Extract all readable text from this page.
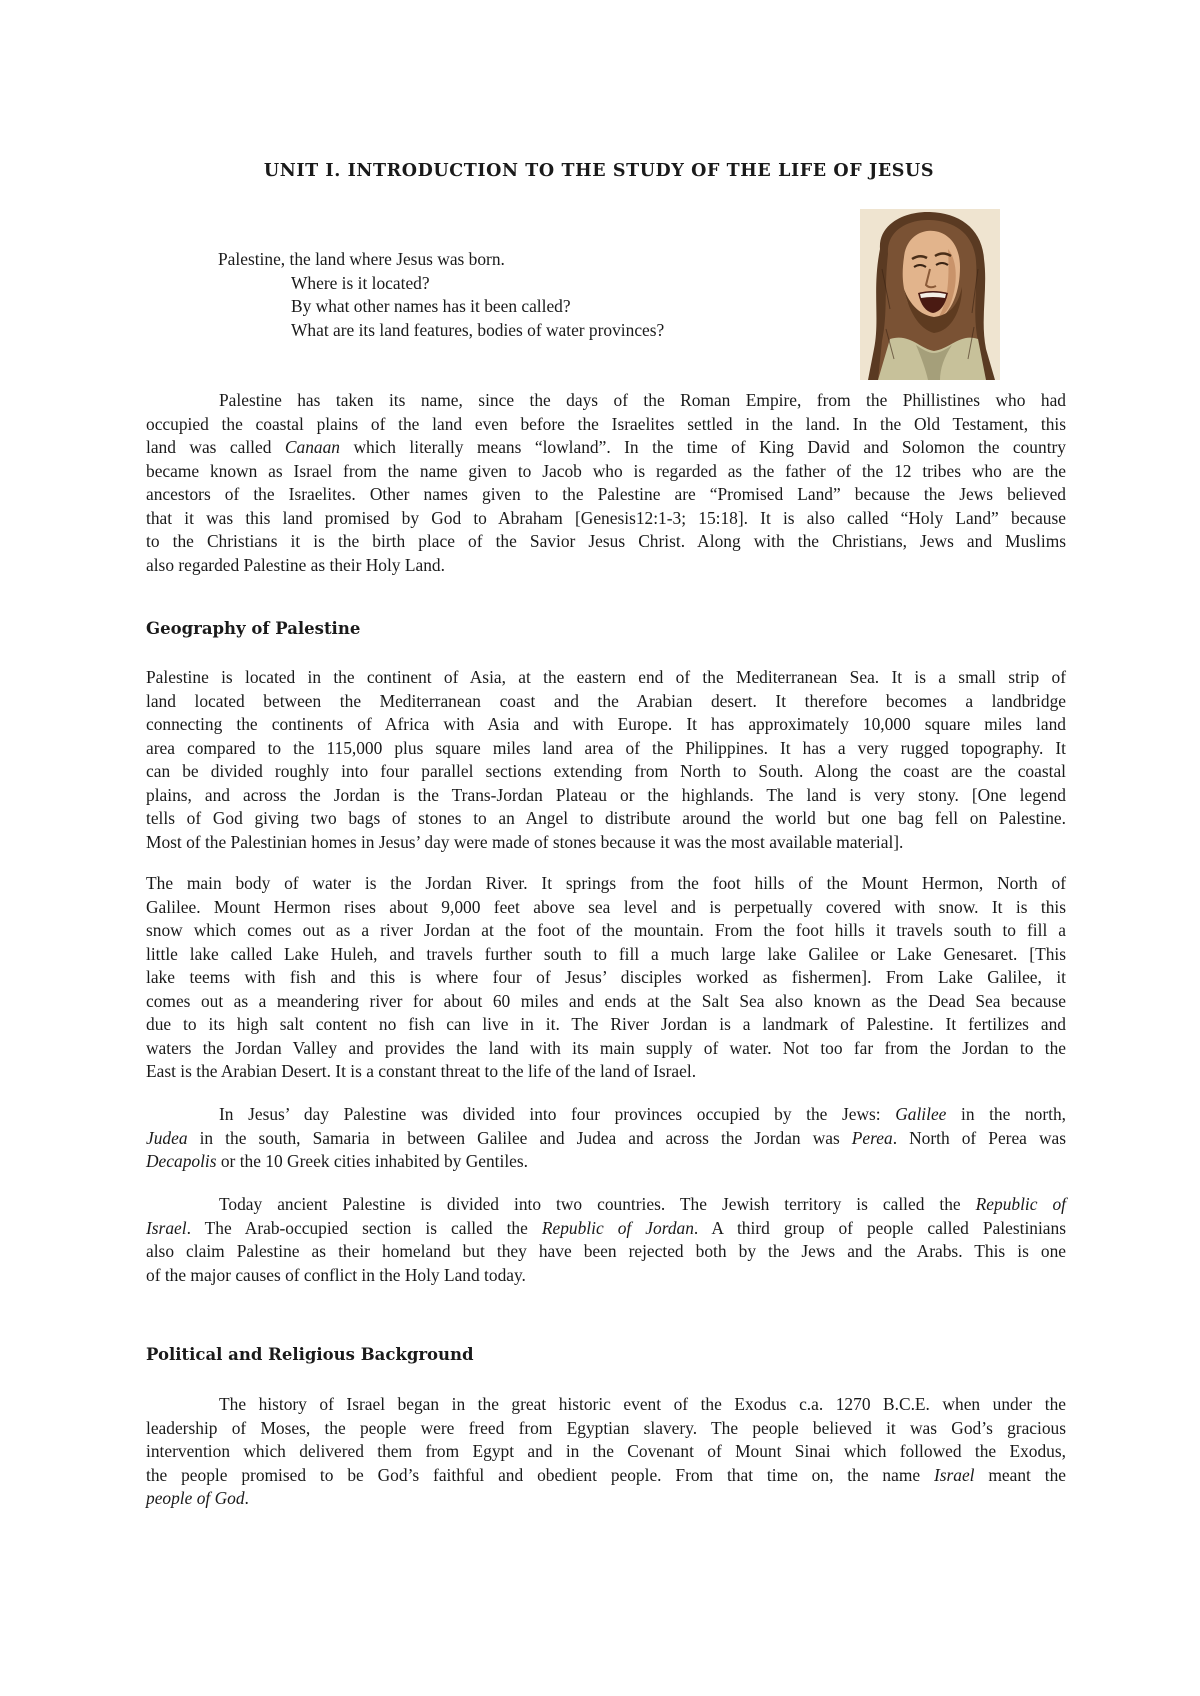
UNIT I. INTRODUCTION TO THE STUDY OF THE LIFE OF JESUS
Palestine, the land where Jesus was born.
Where is it located?
By what other names has it been called?
What are its land features, bodies of water provinces?
Palestine has taken its name, since the days of the Roman Empire, from the Phillistines who had
occupied the coastal plains of the land even before the Israelites settled in the land. In the Old Testament, this
land was called Canaan which literally means “lowland”. In the time of King David and Solomon the country
became known as Israel from the name given to Jacob who is regarded as the father of the 12 tribes who are the
ancestors of the Israelites. Other names given to the Palestine are “Promised Land” because the Jews believed
that it was this land promised by God to Abraham [Genesis12:1-3; 15:18]. It is also called “Holy Land” because
to the Christians it is the birth place of the Savior Jesus Christ. Along with the Christians, Jews and Muslims
also regarded Palestine as their Holy Land.
Geography of Palestine
Palestine is located in the continent of Asia, at the eastern end of the Mediterranean Sea. It is a small strip of
land located between the Mediterranean coast and the Arabian desert. It therefore becomes a landbridge
connecting the continents of Africa with Asia and with Europe. It has approximately 10,000 square miles land
area compared to the 115,000 plus square miles land area of the Philippines. It has a very rugged topography. It
can be divided roughly into four parallel sections extending from North to South. Along the coast are the coastal
plains, and across the Jordan is the Trans-Jordan Plateau or the highlands. The land is very stony. [One legend
tells of God giving two bags of stones to an Angel to distribute around the world but one bag fell on Palestine.
Most of the Palestinian homes in Jesus’ day were made of stones because it was the most available material].
The main body of water is the Jordan River. It springs from the foot hills of the Mount Hermon, North of
Galilee. Mount Hermon rises about 9,000 feet above sea level and is perpetually covered with snow. It is this
snow which comes out as a river Jordan at the foot of the mountain. From the foot hills it travels south to fill a
little lake called Lake Huleh, and travels further south to fill a much large lake Galilee or Lake Genesaret. [This
lake teems with fish and this is where four of Jesus’ disciples worked as fishermen]. From Lake Galilee, it
comes out as a meandering river for about 60 miles and ends at the Salt Sea also known as the Dead Sea because
due to its high salt content no fish can live in it. The River Jordan is a landmark of Palestine. It fertilizes and
waters the Jordan Valley and provides the land with its main supply of water. Not too far from the Jordan to the
East is the Arabian Desert. It is a constant threat to the life of the land of Israel.
In Jesus’ day Palestine was divided into four provinces occupied by the Jews: Galilee in the north,
Judea in the south, Samaria in between Galilee and Judea and across the Jordan was Perea. North of Perea was
Decapolis or the 10 Greek cities inhabited by Gentiles.
Today ancient Palestine is divided into two countries. The Jewish territory is called the Republic of
Israel. The Arab-occupied section is called the Republic of Jordan. A third group of people called Palestinians
also claim Palestine as their homeland but they have been rejected both by the Jews and the Arabs. This is one
of the major causes of conflict in the Holy Land today.
Political and Religious Background
The history of Israel began in the great historic event of the Exodus c.a. 1270 B.C.E. when under the
leadership of Moses, the people were freed from Egyptian slavery. The people believed it was God’s gracious
intervention which delivered them from Egypt and in the Covenant of Mount Sinai which followed the Exodus,
the people promised to be God’s faithful and obedient people. From that time on, the name Israel meant the
people of God.
